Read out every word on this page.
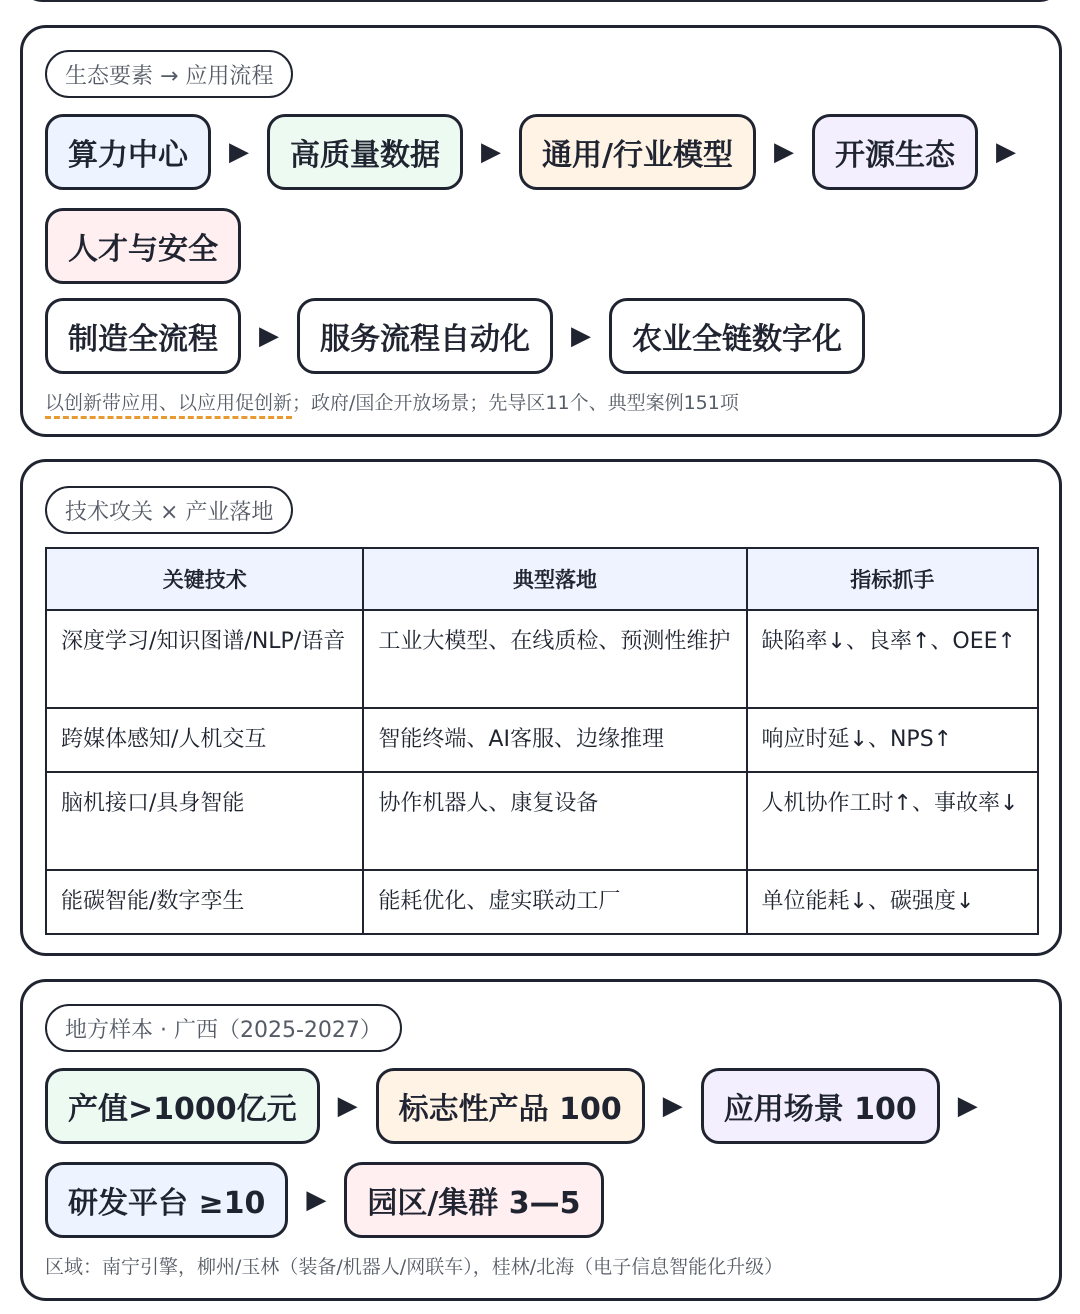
生态要素 → 应用流程
算力中心	▶	高质量数据	▶	通用/行业模型	▶	开源生态	▶
人才与安全
制造全流程	▶	服务流程自动化	▶	农业全链数字化
以创新带应用、以应用促创新；政府/国企开放场景；先导区11个、典型案例151项
技术攻关 × 产业落地
关键技术	典型落地	指标抓手
深度学习/知识图谱/NLP/语音	工业大模型、在线质检、预测性维护	缺陷率↓、良率↑、OEE↑
跨媒体感知/人机交互	智能终端、AI客服、边缘推理	响应时延↓、NPS↑
脑机接口/具身智能	协作机器人、康复设备	人机协作工时↑、事故率↓
能碳智能/数字孪生	能耗优化、虚实联动工厂	单位能耗↓、碳强度↓
地方样本 · 广西（2025-2027）
产值>1000亿元	▶	标志性产品 100	▶	应用场景 100	▶
研发平台 ≥10	▶	园区/集群 3—5
区域：南宁引擎，柳州/玉林（装备/机器人/网联车），桂林/北海（电子信息智能化升级）
